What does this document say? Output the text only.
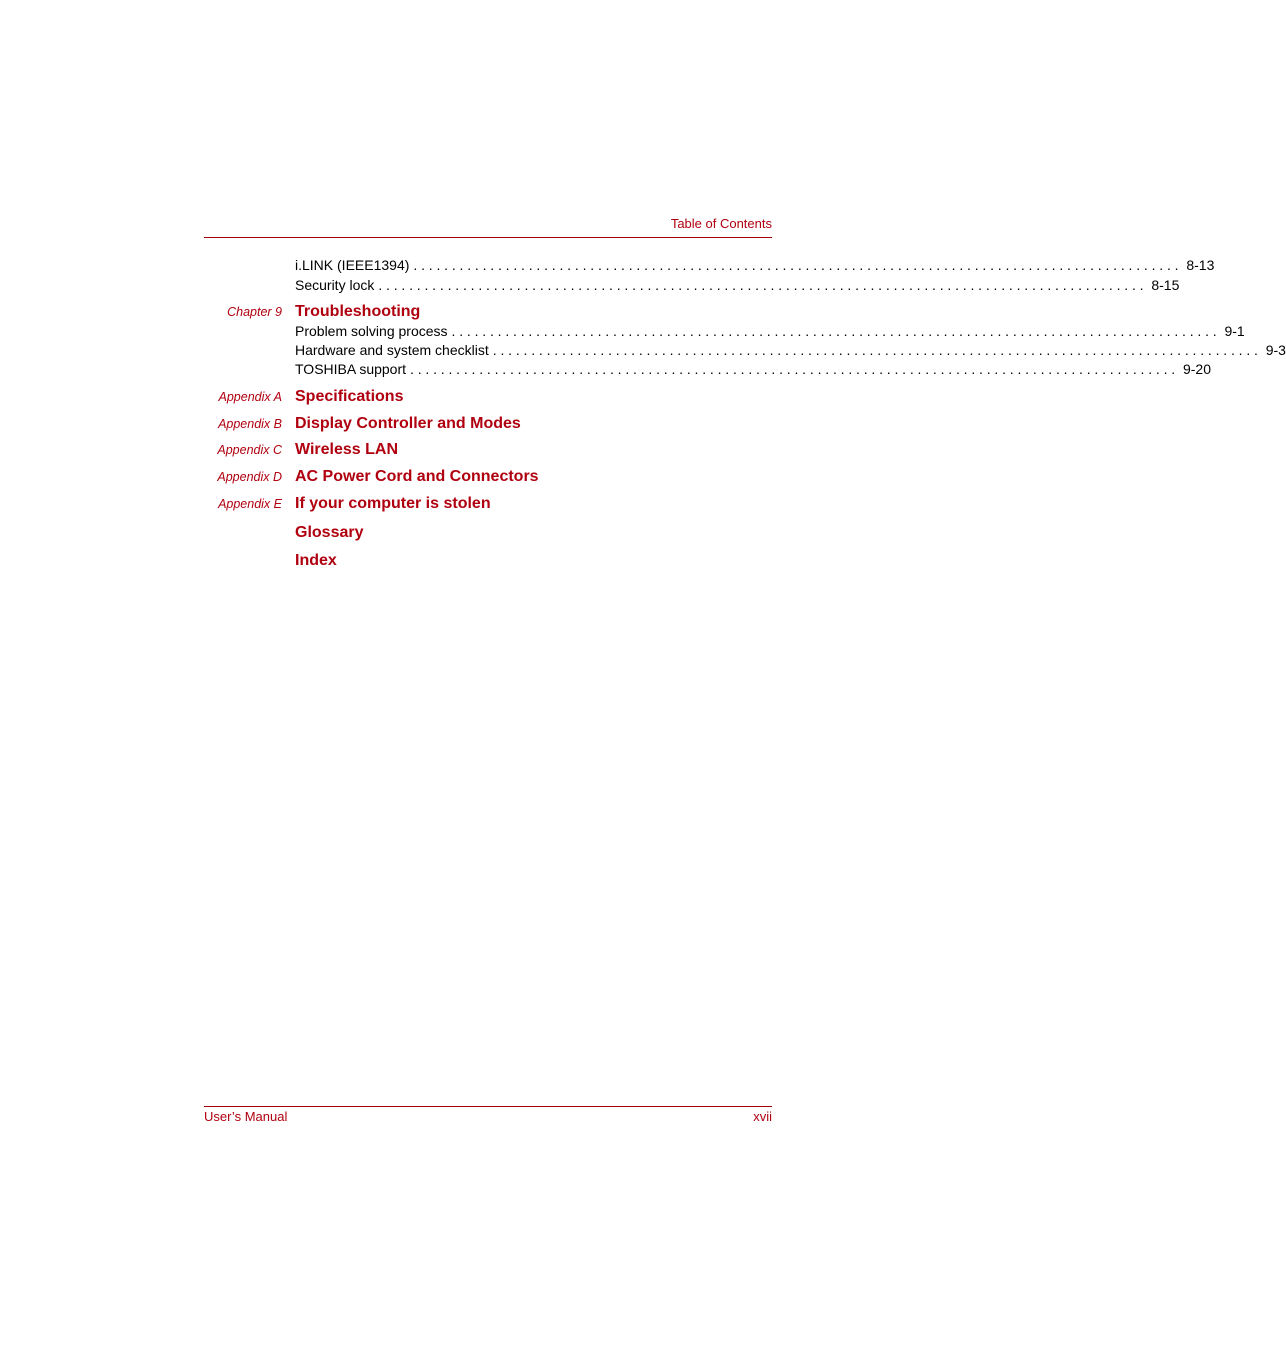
Table of Contents
i.LINK (IEEE1394) .................................................................................................... 8-13
Security lock .................................................................................................... 8-15
Chapter 9 Troubleshooting
Problem solving process .................................................................................................... 9-1
Hardware and system checklist .................................................................................................... 9-3
TOSHIBA support .................................................................................................... 9-20
Appendix A Specifications
Appendix B Display Controller and Modes
Appendix C Wireless LAN
Appendix D AC Power Cord and Connectors
Appendix E If your computer is stolen
Glossary
Index
User’s Manual	xvii
